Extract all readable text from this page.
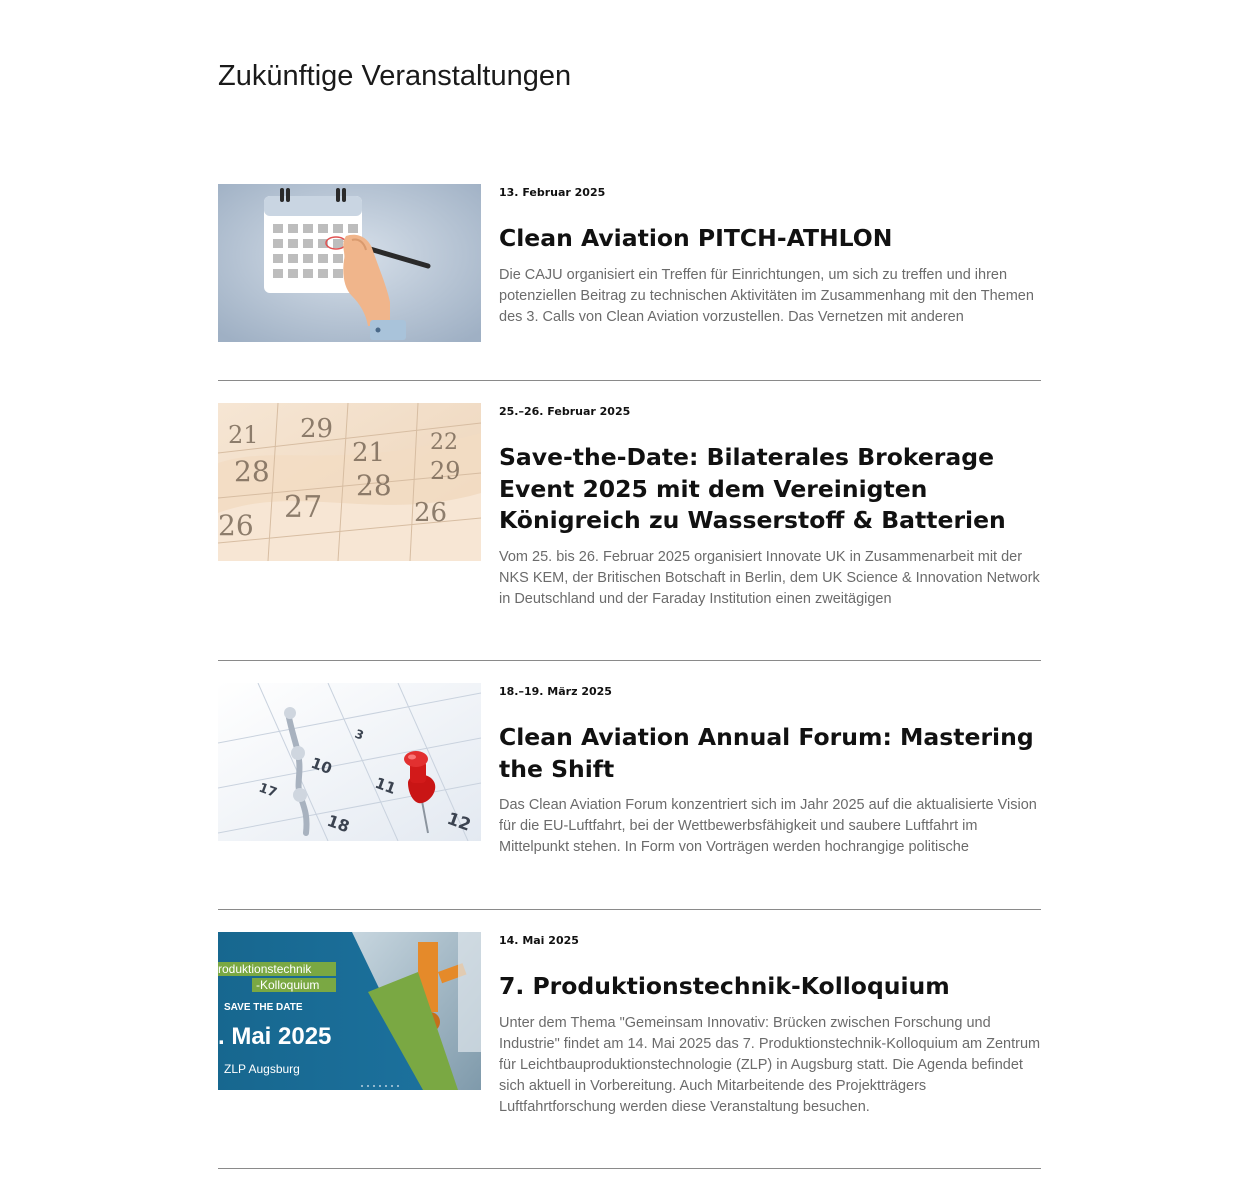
Zukünftige Veranstaltungen
13. Februar 2025
Clean Aviation PITCH-ATHLON
Die CAJU organisiert ein Treffen für Einrichtungen, um sich zu treffen und ihren potenziellen Beitrag zu technischen Aktivitäten im Zusammenhang mit den Themen des 3. Calls von Clean Aviation vorzustellen. Das Vernetzen mit anderen
21 29
28
21 22
29
27
28
26	26
25.–26. Februar 2025
Save-the-Date: Bilaterales Brokerage Event 2025 mit dem Vereinigten Königreich zu Wasserstoff & Batterien
Vom 25. bis 26. Februar 2025 organisiert Innovate UK in Zusammenarbeit mit der NKS KEM, der Britischen Botschaft in Berlin, dem UK Science & Innovation Network in Deutschland und der Faraday Institution einen zweitägigen
10
11
12
17
18
3
18.–19. März 2025
Clean Aviation Annual Forum: Mastering the Shift
Das Clean Aviation Forum konzentriert sich im Jahr 2025 auf die aktualisierte Vision für die EU-Luftfahrt, bei der Wettbewerbsfähigkeit und saubere Luftfahrt im Mittelpunkt stehen. In Form von Vorträgen werden hochrangige politische
roduktionstechnik
-Kolloquium
SAVE THE DATE
. Mai 2025
ZLP Augsburg
14. Mai 2025
7. Produktionstechnik-Kolloquium
Unter dem Thema "Gemeinsam Innovativ: Brücken zwischen Forschung und Industrie" findet am 14. Mai 2025 das 7. Produktionstechnik-Kolloquium am Zentrum für Leichtbauproduktionstechnologie (ZLP) in Augsburg statt. Die Agenda befindet sich aktuell in Vorbereitung. Auch Mitarbeitende des Projektträgers Luftfahrtforschung werden diese Veranstaltung besuchen.
